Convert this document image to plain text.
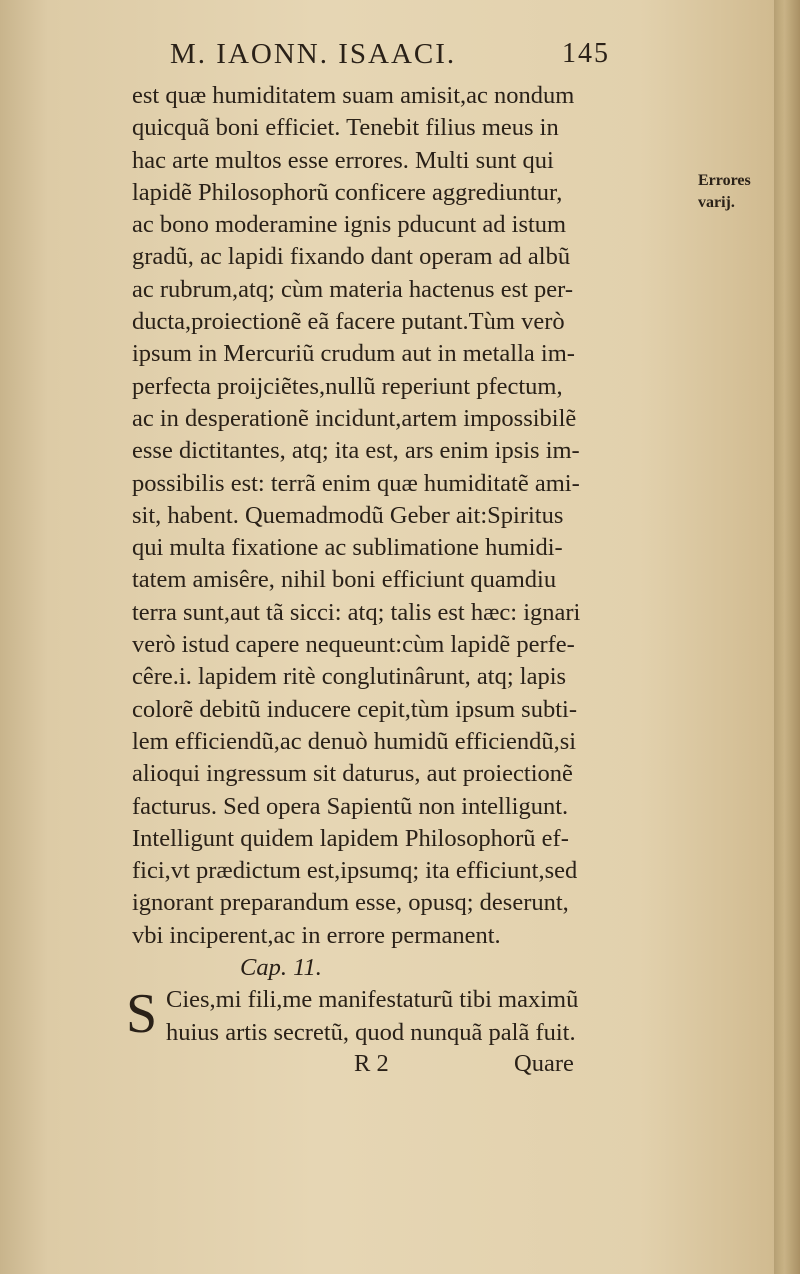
M. IAONN. ISAACI.	145
Errores
varij.
est quæ humiditatem suam amisit,ac nondum
quicquã boni efficiet. Tenebit filius meus in
hac arte multos esse errores. Multi sunt qui
lapidẽ Philosophorũ conficere aggrediuntur,
ac bono moderamine ignis pducunt ad istum
gradũ, ac lapidi fixando dant operam ad albũ
ac rubrum,atq; cùm materia hactenus est per-
ducta,proiectionẽ eã facere putant.Tùm verò
ipsum in Mercuriũ crudum aut in metalla im-
perfecta proijciẽtes,nullũ reperiunt pfectum,
ac in desperationẽ incidunt,artem impossibilẽ
esse dictitantes, atq; ita est, ars enim ipsis im-
possibilis est: terrã enim quæ humiditatẽ ami-
sit, habent. Quemadmodũ Geber ait:Spiritus
qui multa fixatione ac sublimatione humidi-
tatem amisêre, nihil boni efficiunt quamdiu
terra sunt,aut tã sicci: atq; talis est hæc: ignari
verò istud capere nequeunt:cùm lapidẽ perfe-
cêre.i. lapidem ritè conglutinârunt, atq; lapis
colorẽ debitũ inducere cepit,tùm ipsum subti-
lem efficiendũ,ac denuò humidũ efficiendũ,si
alioqui ingressum sit daturus, aut proiectionẽ
facturus. Sed opera Sapientũ non intelligunt.
Intelligunt quidem lapidem Philosophorũ ef-
fici,vt prædictum est,ipsumq; ita efficiunt,sed
ignorant preparandum esse, opusq; deserunt,
vbi inciperent,ac in errore permanent.
Cap. 11.
S Cies,mi fili,me manifestaturũ tibi maximũ
huius artis secretũ, quod nunquã palã fuit.
R 2	Quare
